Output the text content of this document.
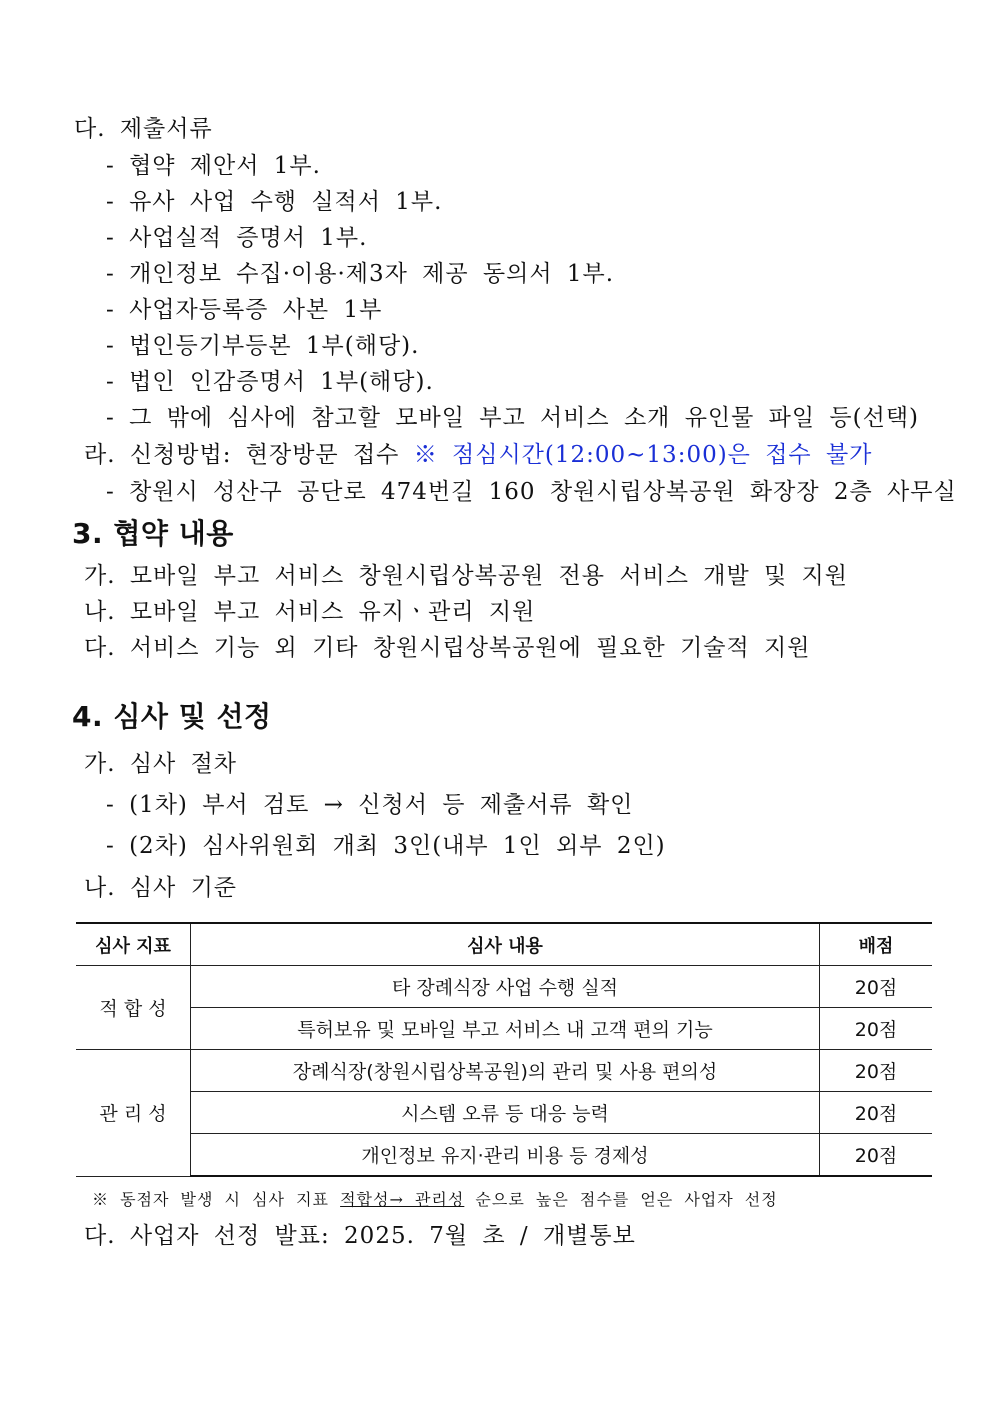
다. 제출서류
- 협약 제안서 1부.
- 유사 사업 수행 실적서 1부.
- 사업실적 증명서 1부.
- 개인정보 수집·이용·제3자 제공 동의서 1부.
- 사업자등록증 사본 1부
- 법인등기부등본 1부(해당).
- 법인 인감증명서 1부(해당).
- 그 밖에 심사에 참고할 모바일 부고 서비스 소개 유인물 파일 등(선택)
라. 신청방법: 현장방문 접수 ※ 점심시간(12:00~13:00)은 접수 불가
- 창원시 성산구 공단로 474번길 160 창원시립상복공원 화장장 2층 사무실
3. 협약 내용
가. 모바일 부고 서비스 창원시립상복공원 전용 서비스 개발 및 지원
나. 모바일 부고 서비스 유지ㆍ관리 지원
다. 서비스 기능 외 기타 창원시립상복공원에 필요한 기술적 지원
4. 심사 및 선정
가. 심사 절차
- (1차) 부서 검토 → 신청서 등 제출서류 확인
- (2차) 심사위원회 개최 3인(내부 1인 외부 2인)
나. 심사 기준
심사 지표	심사 내용	배점
적 합 성	타 장례식장 사업 수행 실적	20점
	특허보유 및 모바일 부고 서비스 내 고객 편의 기능	20점
관 리 성	장례식장(창원시립상복공원)의 관리 및 사용 편의성	20점
	시스템 오류 등 대응 능력	20점
	개인정보 유지·관리 비용 등 경제성	20점
※ 동점자 발생 시 심사 지표 적합성→ 관리성 순으로 높은 점수를 얻은 사업자 선정
다. 사업자 선정 발표: 2025. 7월 초 / 개별통보
